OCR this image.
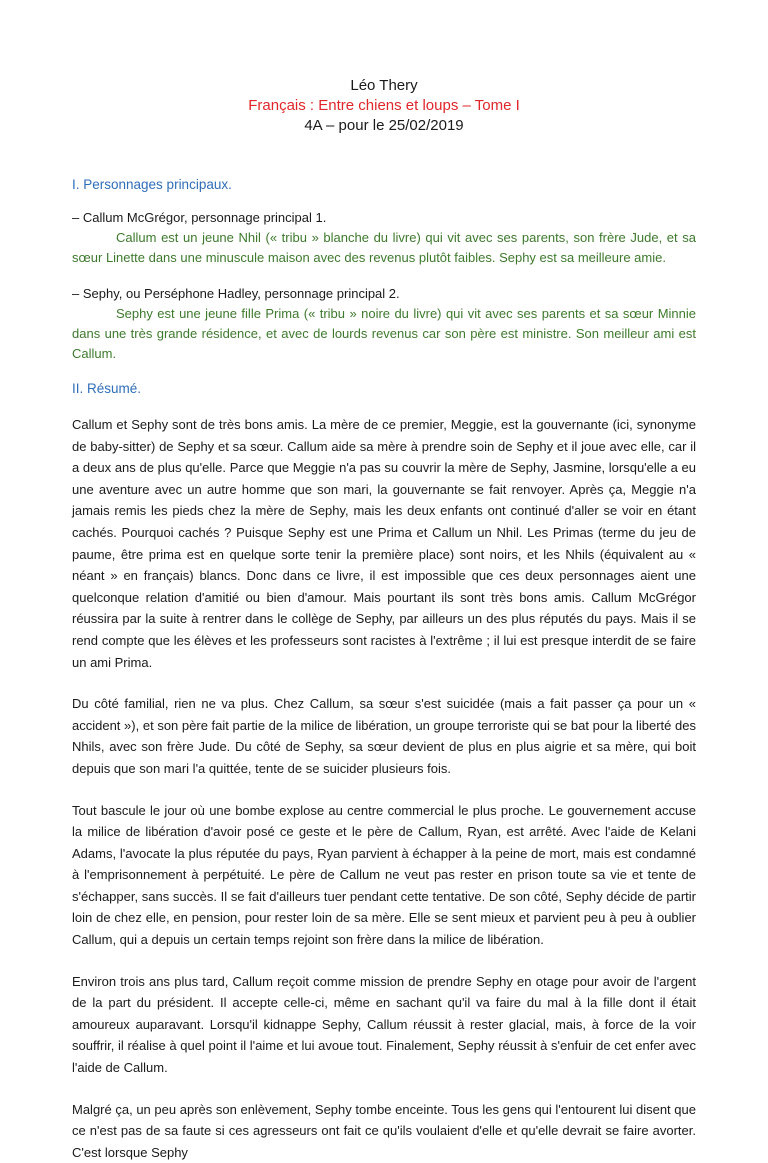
Léo Thery
Français : Entre chiens et loups – Tome I
4A – pour le 25/02/2019
I. Personnages principaux.

– Callum McGrégor, personnage principal 1.

Callum est un jeune Nhil (« tribu » blanche du livre) qui vit avec ses parents, son frère Jude, et sa sœur Linette dans une minuscule maison avec des revenus plutôt faibles. Sephy est sa meilleure amie.

– Sephy, ou Perséphone Hadley, personnage principal 2.

Sephy est une jeune fille Prima (« tribu » noire du livre) qui vit avec ses parents et sa sœur Minnie dans une très grande résidence, et avec de lourds revenus car son père est ministre. Son meilleur ami est Callum.

II. Résumé.

Callum et Sephy sont de très bons amis. La mère de ce premier, Meggie, est la gouvernante (ici, synonyme de baby-sitter) de Sephy et sa sœur. Callum aide sa mère à prendre soin de Sephy et il joue avec elle, car il a deux ans de plus qu'elle. Parce que Meggie n'a pas su couvrir la mère de Sephy, Jasmine, lorsqu'elle a eu une aventure avec un autre homme que son mari, la gouvernante se fait renvoyer. Après ça, Meggie n'a jamais remis les pieds chez la mère de Sephy, mais les deux enfants ont continué d'aller se voir en étant cachés. Pourquoi cachés ? Puisque Sephy est une Prima et Callum un Nhil. Les Primas (terme du jeu de paume, être prima est en quelque sorte tenir la première place) sont noirs, et les Nhils (équivalent au « néant » en français) blancs. Donc dans ce livre, il est impossible que ces deux personnages aient une quelconque relation d'amitié ou bien d'amour. Mais pourtant ils sont très bons amis. Callum McGrégor réussira par la suite à rentrer dans le collège de Sephy, par ailleurs un des plus réputés du pays. Mais il se rend compte que les élèves et les professeurs sont racistes à l'extrême ; il lui est presque interdit de se faire un ami Prima.

Du côté familial, rien ne va plus. Chez Callum, sa sœur s'est suicidée (mais a fait passer ça pour un « accident »), et son père fait partie de la milice de libération, un groupe terroriste qui se bat pour la liberté des Nhils, avec son frère Jude. Du côté de Sephy, sa sœur devient de plus en plus aigrie et sa mère, qui boit depuis que son mari l'a quittée, tente de se suicider plusieurs fois.

Tout bascule le jour où une bombe explose au centre commercial le plus proche. Le gouvernement accuse la milice de libération d'avoir posé ce geste et le père de Callum, Ryan, est arrêté. Avec l'aide de Kelani Adams, l'avocate la plus réputée du pays, Ryan parvient à échapper à la peine de mort, mais est condamné à l'emprisonnement à perpétuité. Le père de Callum ne veut pas rester en prison toute sa vie et tente de s'échapper, sans succès. Il se fait d'ailleurs tuer pendant cette tentative. De son côté, Sephy décide de partir loin de chez elle, en pension, pour rester loin de sa mère. Elle se sent mieux et parvient peu à peu à oublier Callum, qui a depuis un certain temps rejoint son frère dans la milice de libération.

Environ trois ans plus tard, Callum reçoit comme mission de prendre Sephy en otage pour avoir de l'argent de la part du président. Il accepte celle-ci, même en sachant qu'il va faire du mal à la fille dont il était amoureux auparavant. Lorsqu'il kidnappe Sephy, Callum réussit à rester glacial, mais, à force de la voir souffrir, il réalise à quel point il l'aime et lui avoue tout. Finalement, Sephy réussit à s'enfuir de cet enfer avec l'aide de Callum.

Malgré ça, un peu après son enlèvement, Sephy tombe enceinte. Tous les gens qui l'entourent lui disent que ce n'est pas de sa faute si ces agresseurs ont fait ce qu'ils voulaient d'elle et qu'elle devrait se faire avorter. C'est lorsque Sephy
